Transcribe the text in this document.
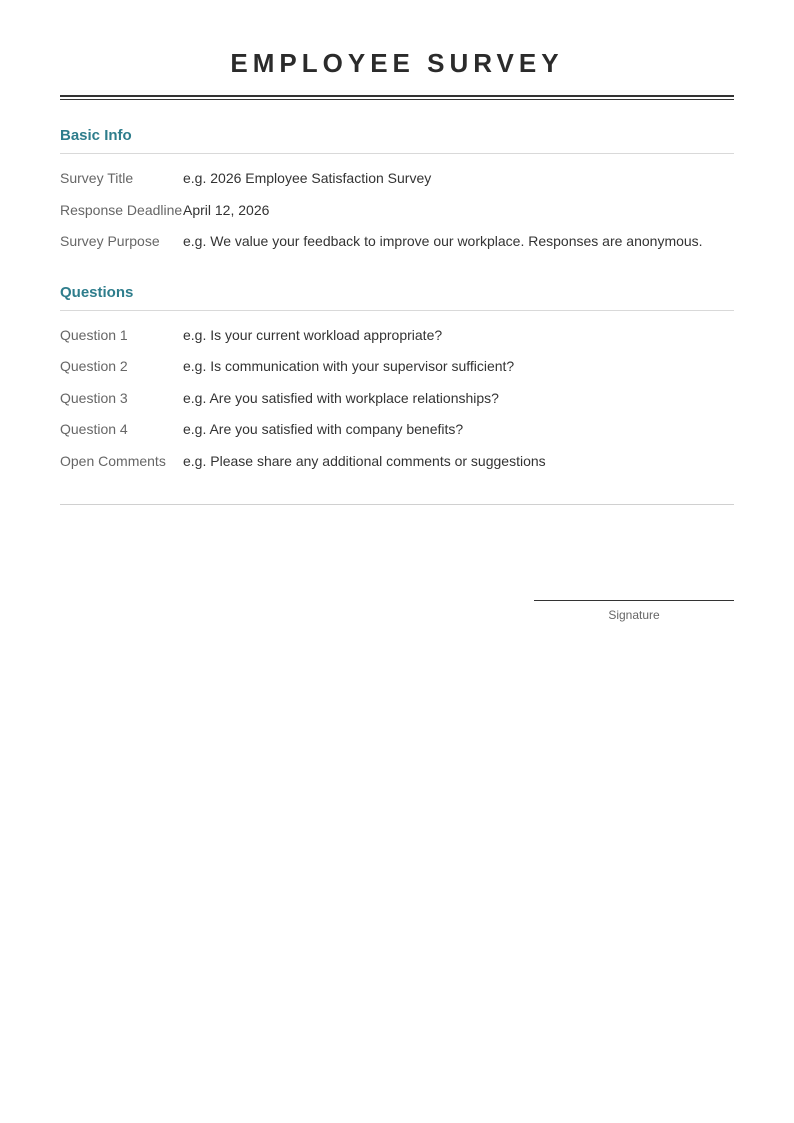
EMPLOYEE SURVEY
Basic Info
Survey Title	e.g. 2026 Employee Satisfaction Survey
Response Deadline April 12, 2026
Survey Purpose	e.g. We value your feedback to improve our workplace. Responses are anonymous.
Questions
Question 1	e.g. Is your current workload appropriate?
Question 2	e.g. Is communication with your supervisor sufficient?
Question 3	e.g. Are you satisfied with workplace relationships?
Question 4	e.g. Are you satisfied with company benefits?
Open Comments	e.g. Please share any additional comments or suggestions
Signature
